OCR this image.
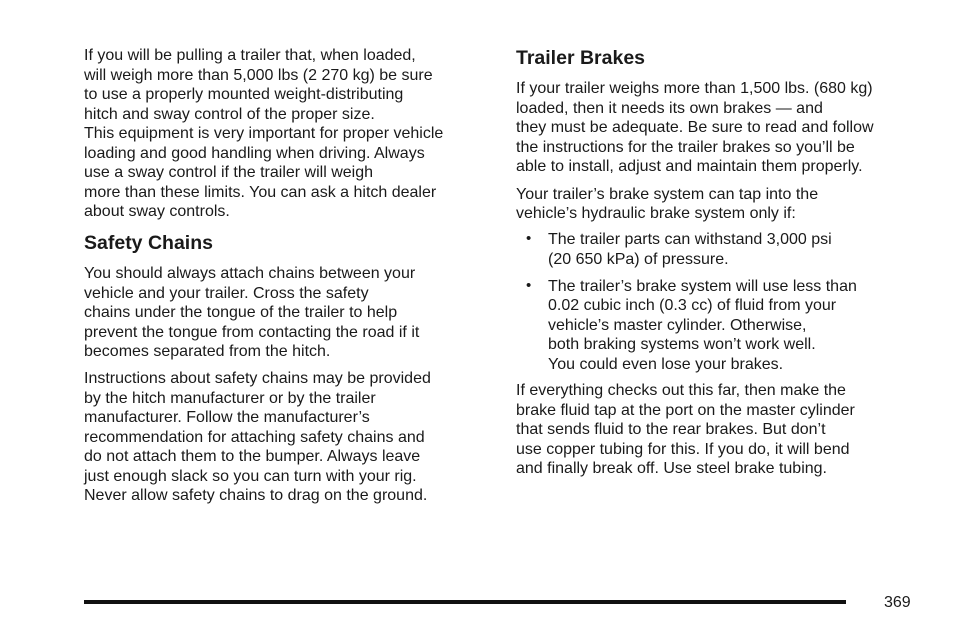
If you will be pulling a trailer that, when loaded,
will weigh more than 5,000 lbs (2 270 kg) be sure
to use a properly mounted weight-distributing
hitch and sway control of the proper size.
This equipment is very important for proper vehicle
loading and good handling when driving. Always
use a sway control if the trailer will weigh
more than these limits. You can ask a hitch dealer
about sway controls.
Safety Chains
You should always attach chains between your
vehicle and your trailer. Cross the safety
chains under the tongue of the trailer to help
prevent the tongue from contacting the road if it
becomes separated from the hitch.
Instructions about safety chains may be provided
by the hitch manufacturer or by the trailer
manufacturer. Follow the manufacturer’s
recommendation for attaching safety chains and
do not attach them to the bumper. Always leave
just enough slack so you can turn with your rig.
Never allow safety chains to drag on the ground.
Trailer Brakes
If your trailer weighs more than 1,500 lbs. (680 kg)
loaded, then it needs its own brakes — and
they must be adequate. Be sure to read and follow
the instructions for the trailer brakes so you’ll be
able to install, adjust and maintain them properly.
Your trailer’s brake system can tap into the
vehicle’s hydraulic brake system only if:
• The trailer parts can withstand 3,000 psi
(20 650 kPa) of pressure.
• The trailer’s brake system will use less than
0.02 cubic inch (0.3 cc) of fluid from your
vehicle’s master cylinder. Otherwise,
both braking systems won’t work well.
You could even lose your brakes.
If everything checks out this far, then make the
brake fluid tap at the port on the master cylinder
that sends fluid to the rear brakes. But don’t
use copper tubing for this. If you do, it will bend
and finally break off. Use steel brake tubing.
369
